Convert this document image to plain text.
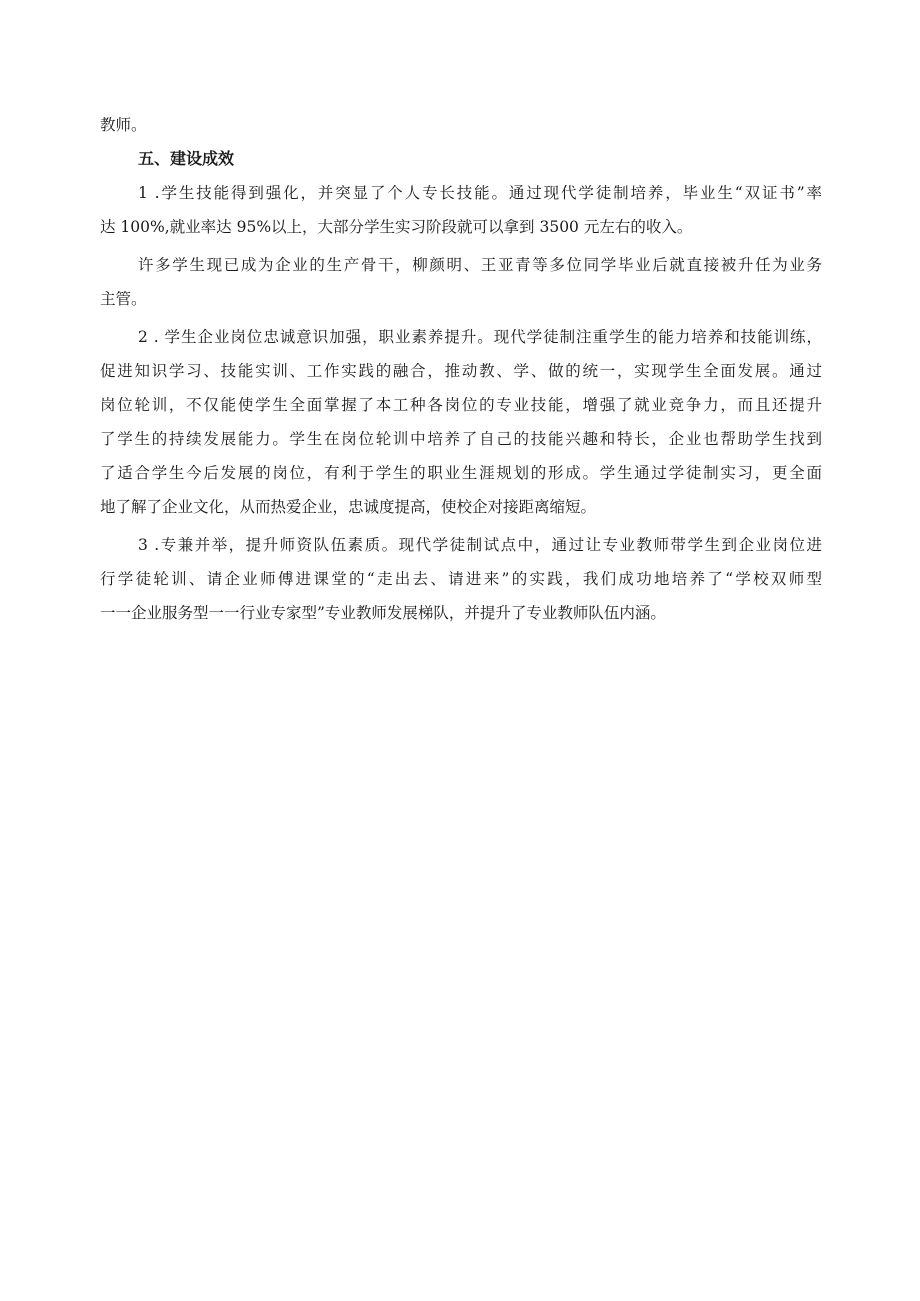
教师。
五、建设成效
1 .学生技能得到强化，并突显了个人专长技能。通过现代学徒制培养，毕业生“双证书”率
达 100%,就业率达 95%以上，大部分学生实习阶段就可以拿到 3500 元左右的收入。
许多学生现已成为企业的生产骨干，柳颜明、王亚青等多位同学毕业后就直接被升任为业务
主管。
2 . 学生企业岗位忠诚意识加强，职业素养提升。现代学徒制注重学生的能力培养和技能训练，
促进知识学习、技能实训、工作实践的融合，推动教、学、做的统一，实现学生全面发展。通过
岗位轮训，不仅能使学生全面掌握了本工种各岗位的专业技能，增强了就业竞争力，而且还提升
了学生的持续发展能力。学生在岗位轮训中培养了自己的技能兴趣和特长，企业也帮助学生找到
了适合学生今后发展的岗位，有利于学生的职业生涯规划的形成。学生通过学徒制实习，更全面
地了解了企业文化，从而热爱企业，忠诚度提高，使校企对接距离缩短。
3 .专兼并举，提升师资队伍素质。现代学徒制试点中，通过让专业教师带学生到企业岗位进
行学徒轮训、请企业师傅进课堂的“走出去、请进来”的实践，我们成功地培养了“学校双师型
一一企业服务型一一行业专家型”专业教师发展梯队，并提升了专业教师队伍内涵。
